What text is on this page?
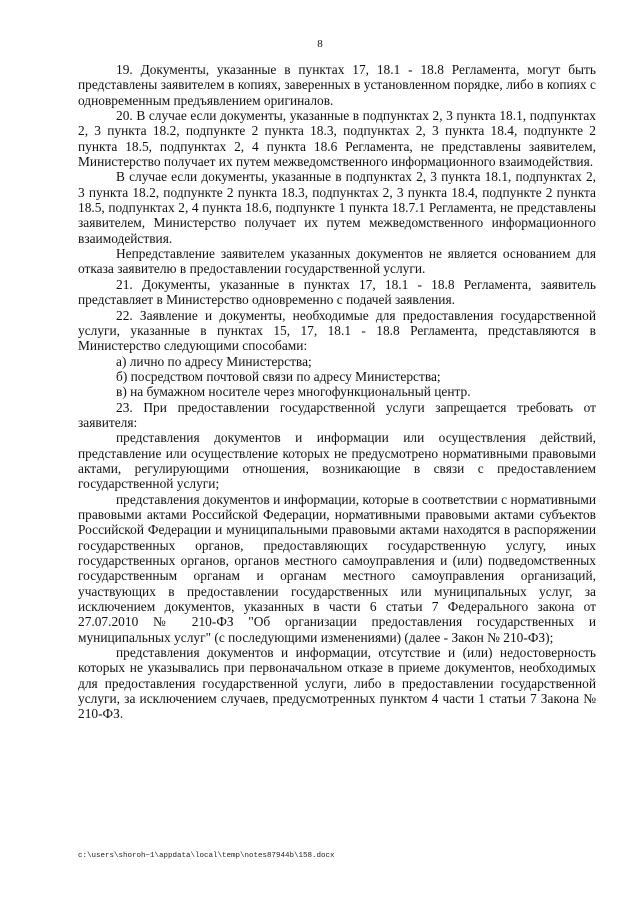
8

19. Документы, указанные в пунктах 17, 18.1 - 18.8 Регламента, могут быть представлены заявителем в копиях, заверенных в установленном порядке, либо в копиях с одновременным предъявлением оригиналов.

20. В случае если документы, указанные в подпунктах 2, 3 пункта 18.1, подпунктах 2, 3 пункта 18.2, подпункте 2 пункта 18.3, подпунктах 2, 3 пункта 18.4, подпункте 2 пункта 18.5, подпунктах 2, 4 пункта 18.6 Регламента, не представлены заявителем, Министерство получает их путем межведомственного информационного взаимодействия.

В случае если документы, указанные в подпунктах 2, 3 пункта 18.1, подпунктах 2, 3 пункта 18.2, подпункте 2 пункта 18.3, подпунктах 2, 3 пункта 18.4, подпункте 2 пункта 18.5, подпунктах 2, 4 пункта 18.6, подпункте 1 пункта 18.7.1 Регламента, не представлены заявителем, Министерство получает их путем межведомственного информационного взаимодействия.

Непредставление заявителем указанных документов не является основанием для отказа заявителю в предоставлении государственной услуги.

21. Документы, указанные в пунктах 17, 18.1 - 18.8 Регламента, заявитель представляет в Министерство одновременно с подачей заявления.

22. Заявление и документы, необходимые для предоставления государственной услуги, указанные в пунктах 15, 17, 18.1 - 18.8 Регламента, представляются в Министерство следующими способами:

а) лично по адресу Министерства;

б) посредством почтовой связи по адресу Министерства;

в) на бумажном носителе через многофункциональный центр.

23. При предоставлении государственной услуги запрещается требовать от заявителя:

представления документов и информации или осуществления действий, представление или осуществление которых не предусмотрено нормативными правовыми актами, регулирующими отношения, возникающие в связи с предоставлением государственной услуги;

представления документов и информации, которые в соответствии с нормативными правовыми актами Российской Федерации, нормативными правовыми актами субъектов Российской Федерации и муниципальными правовыми актами находятся в распоряжении государственных органов, предоставляющих государственную услугу, иных государственных органов, органов местного самоуправления и (или) подведомственных государственным органам и органам местного самоуправления организаций, участвующих в предоставлении государственных или муниципальных услуг, за исключением документов, указанных в части 6 статьи 7 Федерального закона от 27.07.2010 № 210-ФЗ "Об организации предоставления государственных и муниципальных услуг" (с последующими изменениями) (далее - Закон № 210-ФЗ);

представления документов и информации, отсутствие и (или) недостоверность которых не указывались при первоначальном отказе в приеме документов, необходимых для предоставления государственной услуги, либо в предоставлении государственной услуги, за исключением случаев, предусмотренных пунктом 4 части 1 статьи 7 Закона № 210-ФЗ.

c:\users\shoroh~1\appdata\local\temp\notes87944b\158.docx
